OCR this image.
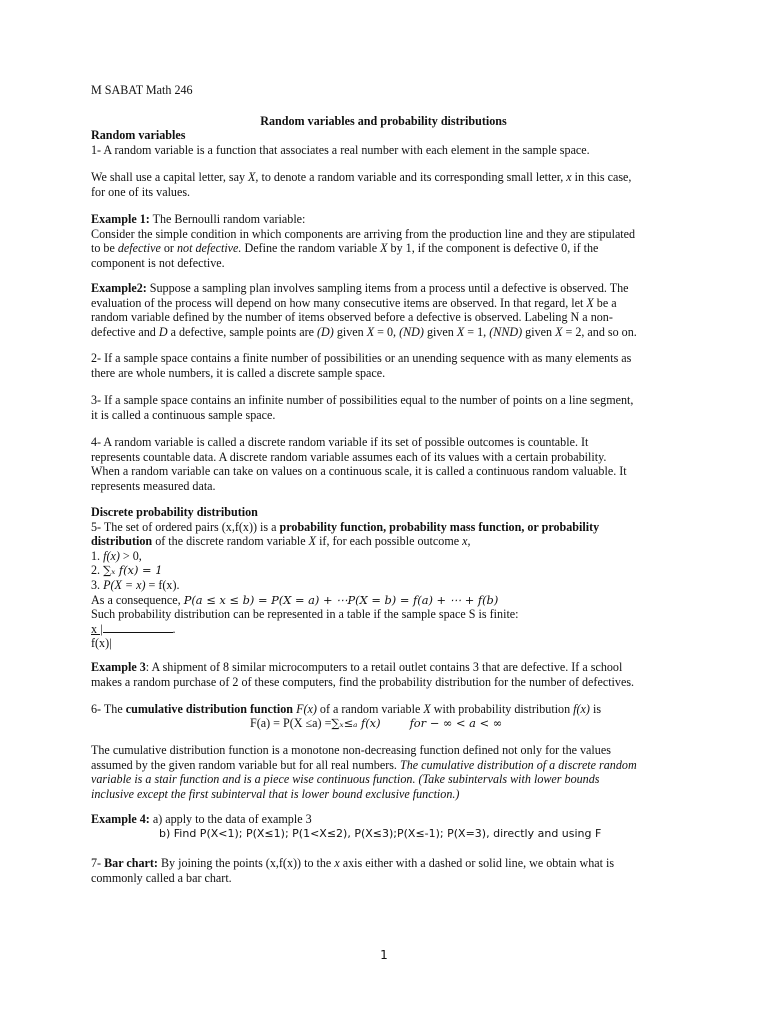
M SABAT Math 246
Random variables and probability distributions
Random variables
1- A random variable is a function that associates a real number with each element in the sample space.
We shall use a capital letter, say X, to denote a random variable and its corresponding small letter, x in this case,
for one of its values.
Example 1: The Bernoulli random variable:
Consider the simple condition in which components are arriving from the production line and they are stipulated
to be defective or not defective. Define the random variable X by 1, if the component is defective 0, if the
component is not defective.
Example2: Suppose a sampling plan involves sampling items from a process until a defective is observed. The
evaluation of the process will depend on how many consecutive items are observed. In that regard, let X be a
random variable defined by the number of items observed before a defective is observed. Labeling N a non-
defective and D a defective, sample points are (D) given X = 0, (ND) given X = 1, (NND) given X = 2, and so on.
2- If a sample space contains a finite number of possibilities or an unending sequence with as many elements as
there are whole numbers, it is called a discrete sample space.
3- If a sample space contains an infinite number of possibilities equal to the number of points on a line segment,
it is called a continuous sample space.
4- A random variable is called a discrete random variable if its set of possible outcomes is countable. It
represents countable data. A discrete random variable assumes each of its values with a certain probability.
When a random variable can take on values on a continuous scale, it is called a continuous random valuable. It
represents measured data.
Discrete probability distribution
5- The set of ordered pairs (x,f(x)) is a probability function, probability mass function, or probability
distribution of the discrete random variable X if, for each possible outcome x,
1. f(x) > 0,
2. ∑ₓ f(x) = 1
3. P(X = x) = f(x).
As a consequence, P(a ≤ x ≤ b) = P(X = a) + ⋯P(X = b) = f(a) + ⋯ + f(b)
Such probability distribution can be represented in a table if the sample space S is finite:
x |	.
f(x)|
Example 3: A shipment of 8 similar microcomputers to a retail outlet contains 3 that are defective. If a school
makes a random purchase of 2 of these computers, find the probability distribution for the number of defectives.
6- The cumulative distribution function F(x) of a random variable X with probability distribution f(x) is
F(a) = P(X ≤a) =∑ₓ≤ₐ f(x)	for − ∞ < a < ∞
The cumulative distribution function is a monotone non-decreasing function defined not only for the values
assumed by the given random variable but for all real numbers. The cumulative distribution of a discrete random
variable is a stair function and is a piece wise continuous function. (Take subintervals with lower bounds
inclusive except the first subinterval that is lower bound exclusive function.)
Example 4: a) apply to the data of example 3
b) Find P(X<1); P(X≤1); P(1<X≤2), P(X≤3);P(X≤-1); P(X=3), directly and using F
7- Bar chart: By joining the points (x,f(x)) to the x axis either with a dashed or solid line, we obtain what is
commonly called a bar chart.
1
